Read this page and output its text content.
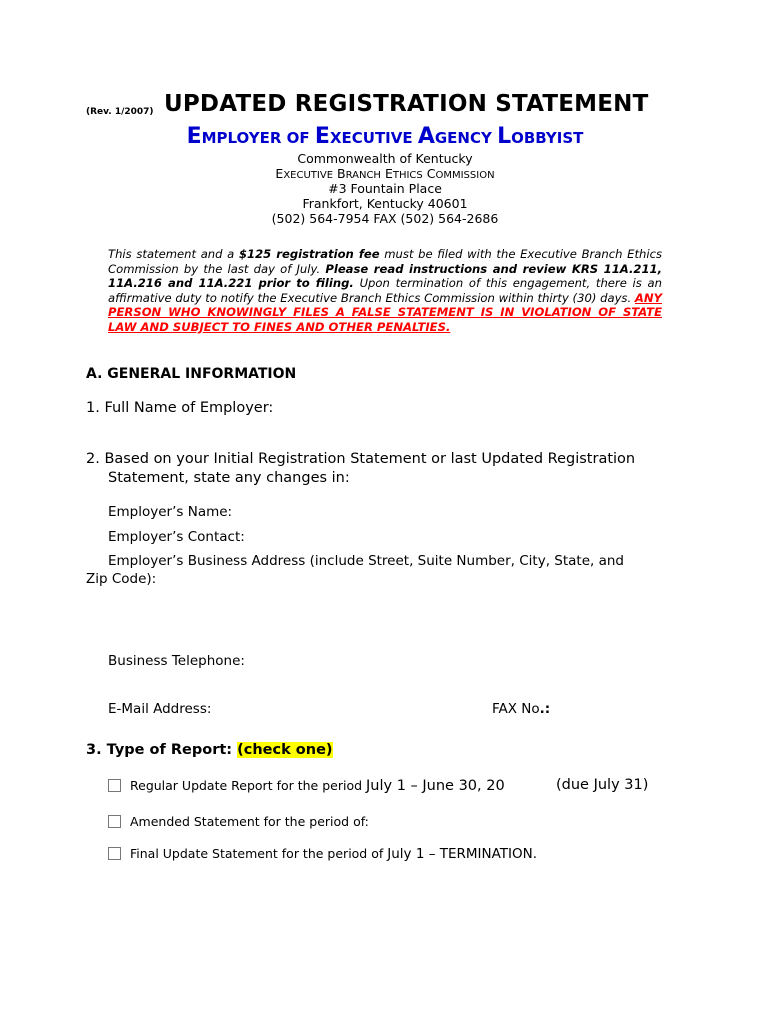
(Rev. 1/2007) UPDATED REGISTRATION STATEMENT
EMPLOYER OF EXECUTIVE AGENCY LOBBYIST
Commonwealth of Kentucky
EXECUTIVE BRANCH ETHICS COMMISSION
#3 Fountain Place
Frankfort, Kentucky 40601
(502) 564-7954 FAX (502) 564-2686
This statement and a $125 registration fee must be filed with the Executive Branch Ethics Commission by the last day of July. Please read instructions and review KRS 11A.211, 11A.216 and 11A.221 prior to filing. Upon termination of this engagement, there is an affirmative duty to notify the Executive Branch Ethics Commission within thirty (30) days. ANY PERSON WHO KNOWINGLY FILES A FALSE STATEMENT IS IN VIOLATION OF STATE LAW AND SUBJECT TO FINES AND OTHER PENALTIES.
A. GENERAL INFORMATION
1. Full Name of Employer:
2. Based on your Initial Registration Statement or last Updated Registration
Statement, state any changes in:
Employer’s Name:
Employer’s Contact:
Employer’s Business Address (include Street, Suite Number, City, State, and
Zip Code):
Business Telephone:
E-Mail Address:	FAX No.:
3. Type of Report: (check one)
Regular Update Report for the period July 1 – June 30, 20	(due July 31)
Amended Statement for the period of:
Final Update Statement for the period of July 1 – TERMINATION.
